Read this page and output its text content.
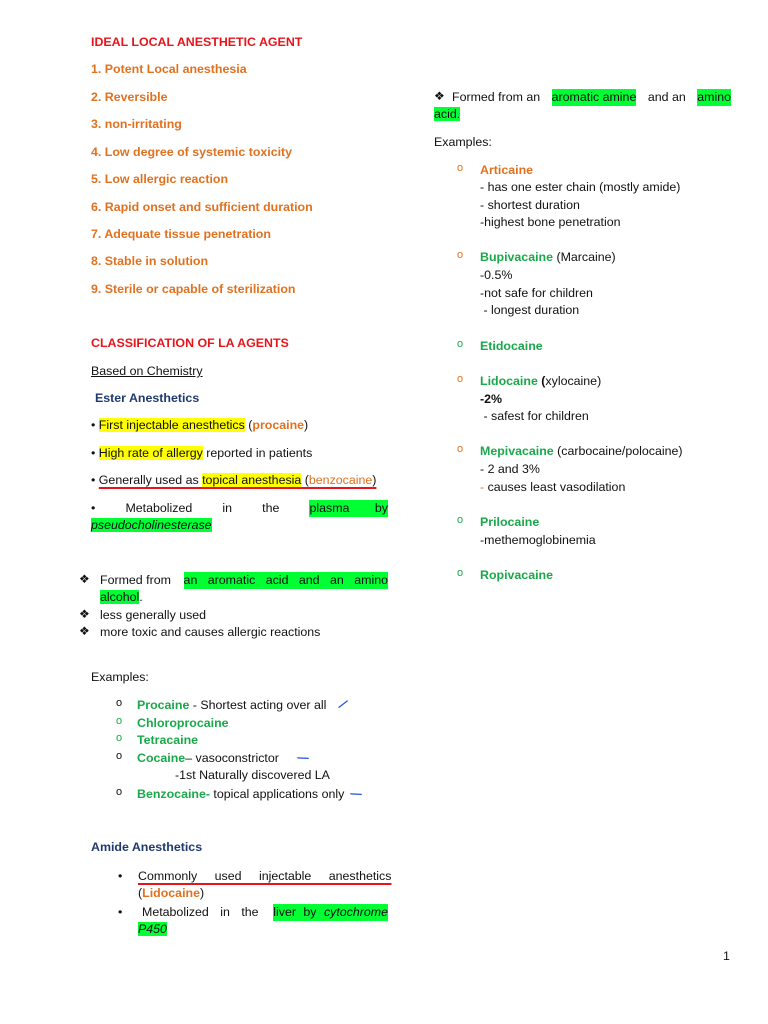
IDEAL LOCAL ANESTHETIC AGENT
1. Potent Local anesthesia
2. Reversible
3. non-irritating
4. Low degree of systemic toxicity
5. Low allergic reaction
6. Rapid onset and sufficient duration
7. Adequate tissue penetration
8. Stable in solution
9. Sterile or capable of sterilization
CLASSIFICATION OF LA AGENTS
Based on Chemistry
Ester Anesthetics
• First injectable anesthetics (procaine)
• High rate of allergy reported in patients
• Generally used as topical anesthesia (benzocaine)
• Metabolized in the plasma by
pseudocholinesterase
❖ Formed from an aromatic acid and an amino
alcohol.
❖ less generally used
❖ more toxic and causes allergic reactions
Examples:
o Procaine - Shortest acting over all ⁄
o Chloroprocaine
o Tetracaine
o Cocaine– vasoconstrictor ⁄
-1st Naturally discovered LA
o Benzocaine- topical applications only ⁄
Amide Anesthetics
• Commonly used injectable anesthetics
(Lidocaine)
• Metabolized in the liver by cytochrome
P450
❖ Formed from an aromatic amine and an amino
acid.
Examples:
o Articaine
- has one ester chain (mostly amide)
- shortest duration
-highest bone penetration
o Bupivacaine (Marcaine)
-0.5%
-not safe for children
- longest duration
o Etidocaine
o Lidocaine (xylocaine)
-2%
- safest for children
o Mepivacaine (carbocaine/polocaine)
- 2 and 3%
- causes least vasodilation
o Prilocaine
-methemoglobinemia
o Ropivacaine
1
